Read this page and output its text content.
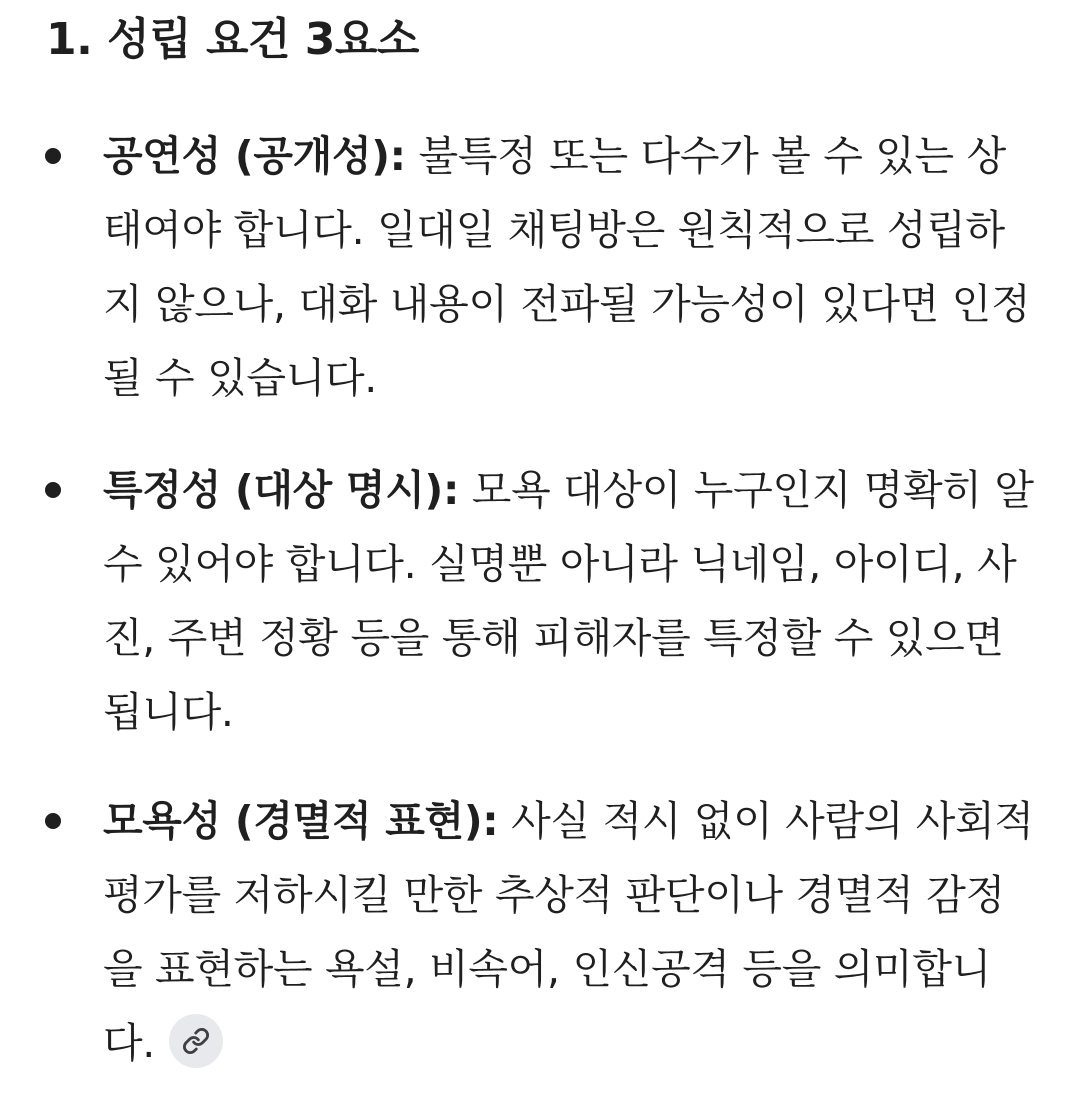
1. 성립 요건 3요소
공연성 (공개성): 불특정 또는 다수가 볼 수 있는 상태여야 합니다. 일대일 채팅방은 원칙적으로 성립하지 않으나, 대화 내용이 전파될 가능성이 있다면 인정될 수 있습니다.
특정성 (대상 명시): 모욕 대상이 누구인지 명확히 알 수 있어야 합니다. 실명뿐 아니라 닉네임, 아이디, 사진, 주변 정황 등을 통해 피해자를 특정할 수 있으면 됩니다.
모욕성 (경멸적 표현): 사실 적시 없이 사람의 사회적 평가를 저하시킬 만한 추상적 판단이나 경멸적 감정을 표현하는 욕설, 비속어, 인신공격 등을 의미합니다.
